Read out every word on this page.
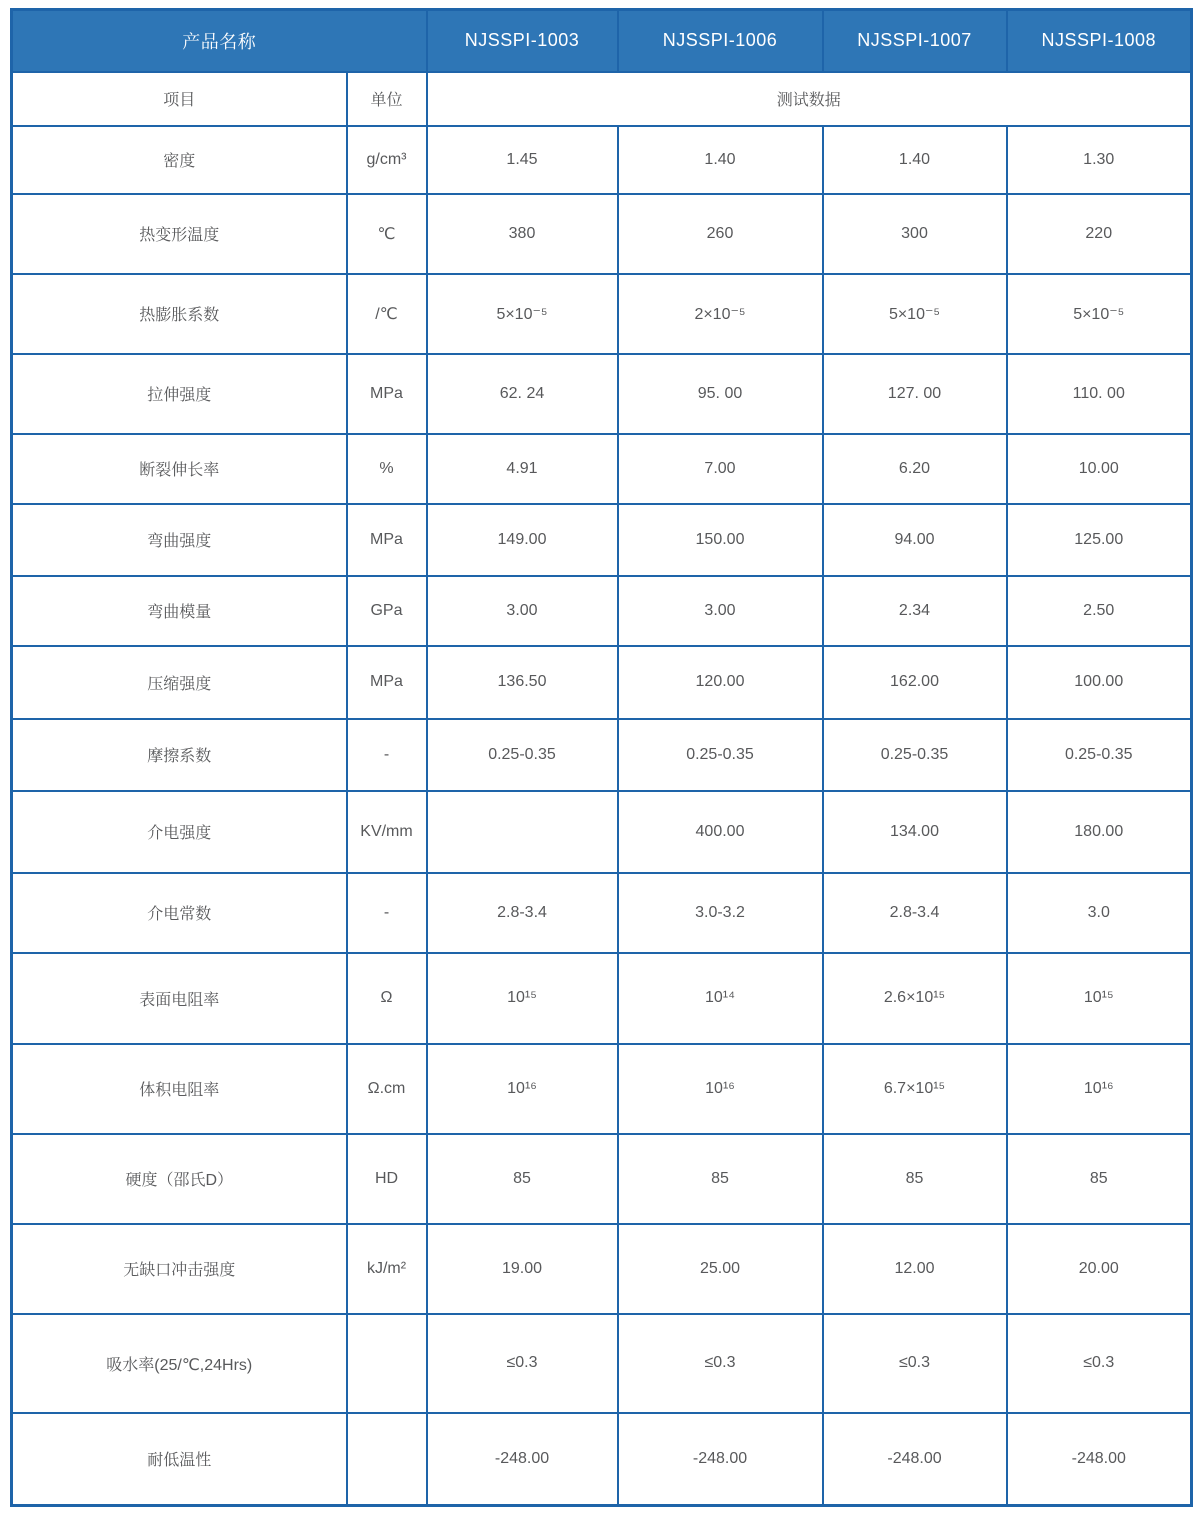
产品名称		NJSSPI-1003	NJSSPI-1006	NJSSPI-1007	NJSSPI-1008
项目	单位	测试数据			
密度	g/cm³	1.45	1.40	1.40	1.30
热变形温度	℃	380	260	300	220
热膨胀系数	/℃	5×10⁻⁵	2×10⁻⁵	5×10⁻⁵	5×10⁻⁵
拉伸强度	MPa	62. 24	95. 00	127. 00	110. 00
断裂伸长率	%	4.91	7.00	6.20	10.00
弯曲强度	MPa	149.00	150.00	94.00	125.00
弯曲模量	GPa	3.00	3.00	2.34	2.50
压缩强度	MPa	136.50	120.00	162.00	100.00
摩擦系数	-	0.25-0.35	0.25-0.35	0.25-0.35	0.25-0.35
介电强度	KV/mm		400.00	134.00	180.00
介电常数	-	2.8-3.4	3.0-3.2	2.8-3.4	3.0
表面电阻率	Ω	10¹⁵	10¹⁴	2.6×10¹⁵	10¹⁵
体积电阻率	Ω.cm	10¹⁶	10¹⁶	6.7×10¹⁵	10¹⁶
硬度（邵氏D）	HD	85	85	85	85
无缺口冲击强度	kJ/m²	19.00	25.00	12.00	20.00
吸水率(25/℃,24Hrs)		≤0.3	≤0.3	≤0.3	≤0.3
耐低温性		-248.00	-248.00	-248.00	-248.00
